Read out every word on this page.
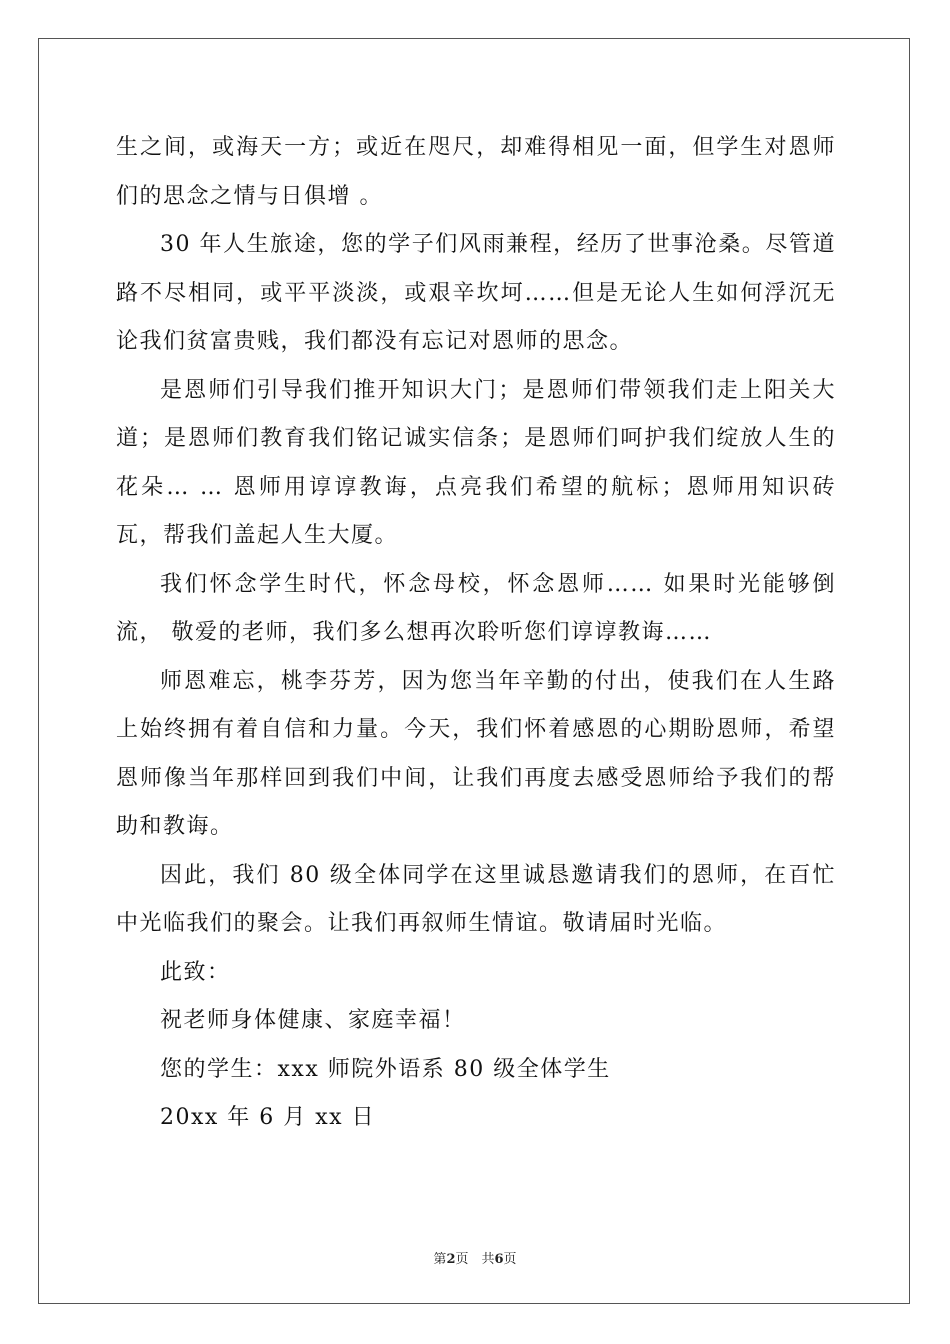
生之间，或海天一方；或近在咫尺，却难得相见一面，但学生对恩师们的思念之情与日俱增 。

30 年人生旅途，您的学子们风雨兼程，经历了世事沧桑。尽管道路不尽相同，或平平淡淡，或艰辛坎坷……但是无论人生如何浮沉无论我们贫富贵贱，我们都没有忘记对恩师的思念。

是恩师们引导我们推开知识大门；是恩师们带领我们走上阳关大道；是恩师们教育我们铭记诚实信条；是恩师们呵护我们绽放人生的花朵… … 恩师用谆谆教诲，点亮我们希望的航标；恩师用知识砖瓦，帮我们盖起人生大厦。

我们怀念学生时代，怀念母校，怀念恩师…… 如果时光能够倒流， 敬爱的老师，我们多么想再次聆听您们谆谆教诲……

师恩难忘，桃李芬芳，因为您当年辛勤的付出，使我们在人生路上始终拥有着自信和力量。今天，我们怀着感恩的心期盼恩师，希望恩师像当年那样回到我们中间，让我们再度去感受恩师给予我们的帮助和教诲。

因此，我们 80 级全体同学在这里诚恳邀请我们的恩师，在百忙中光临我们的聚会。让我们再叙师生情谊。敬请届时光临。

此致：

祝老师身体健康、家庭幸福！

您的学生：xxx 师院外语系 80 级全体学生

20xx 年 6 月 xx 日

第2页　共6页
